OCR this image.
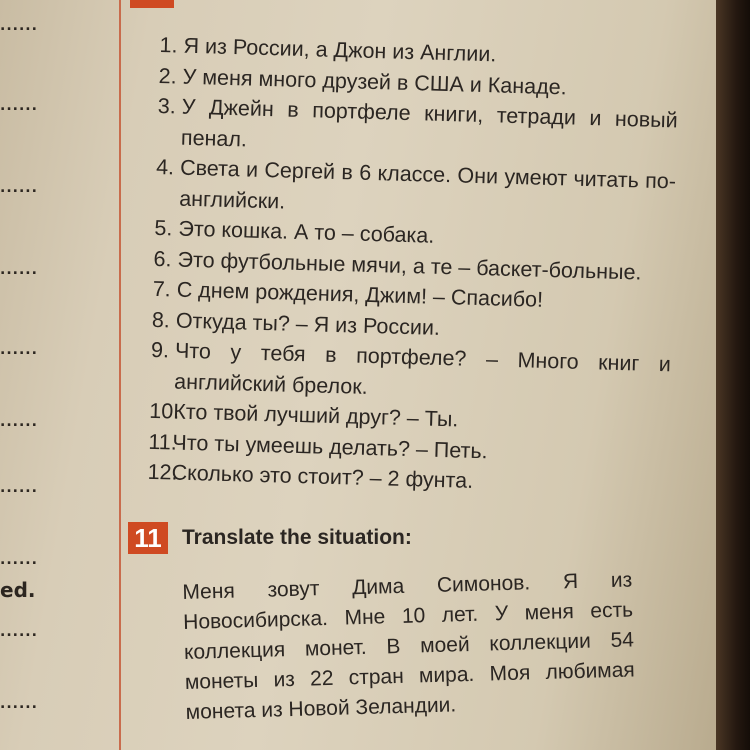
......
......
......
......
......
......
......
......
ed.
......
......
1. Я из России, а Джон из Англии.
2. У меня много друзей в США и Канаде.
3. У Джейн в портфеле книги, тетради и новый пенал.
4. Света и Сергей в 6 классе. Они умеют читать по-английски.
5. Это кошка. А то – собака.
6. Это футбольные мячи, а те – баскет-больные.
7. С днем рождения, Джим! – Спасибо!
8. Откуда ты? – Я из России.
9. Что у тебя в портфеле? – Много книг и английский брелок.
10.
Кто твой лучший друг? – Ты.
11.
Что ты умеешь делать? – Петь.
12.
Сколько это стоит? – 2 фунта.
11 Translate the situation:
Меня зовут Дима Симонов. Я из
Новосибирска. Мне 10 лет. У меня есть
коллекция монет. В моей коллекции 54
монеты из 22 стран мира. Моя любимая
монета из Новой Зеландии.
